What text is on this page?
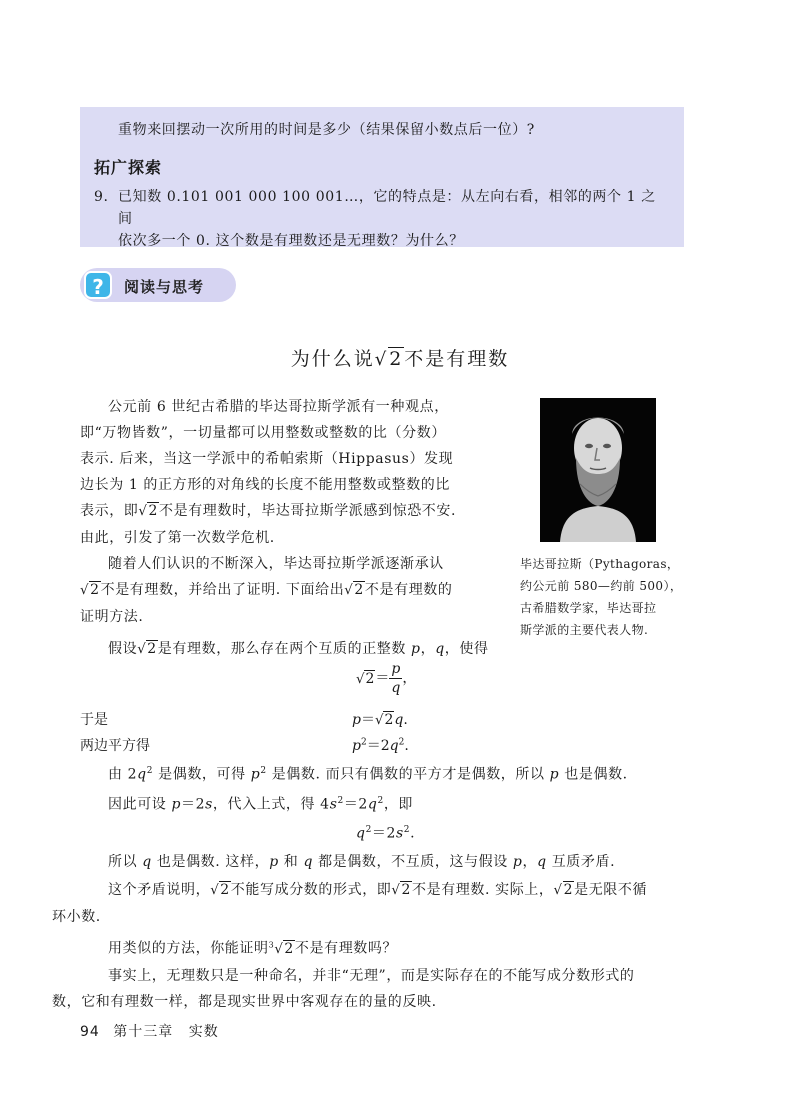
重物来回摆动一次所用的时间是多少（结果保留小数点后一位）?
拓广探索
9. 已知数 0.101 001 000 100 001…，它的特点是：从左向右看，相邻的两个 1 之间
依次多一个 0. 这个数是有理数还是无理数？为什么？
?	阅读与思考
为什么说√2不是有理数
公元前 6 世纪古希腊的毕达哥拉斯学派有一种观点，
即“万物皆数”，一切量都可以用整数或整数的比（分数）
表示. 后来，当这一学派中的希帕索斯（Hippasus）发现
边长为 1 的正方形的对角线的长度不能用整数或整数的比
表示，即√2不是有理数时，毕达哥拉斯学派感到惊恐不安.
由此，引发了第一次数学危机.
随着人们认识的不断深入，毕达哥拉斯学派逐渐承认
√2不是有理数，并给出了证明. 下面给出√2不是有理数的
证明方法.
假设√2是有理数，那么存在两个互质的正整数 p，q，使得
毕达哥拉斯（Pythagoras，
约公元前 580—约前 500），
古希腊数学家，毕达哥拉
斯学派的主要代表人物.
$√2= \frac{p}{q}$ ，
于是	p＝√2q.
两边平方得	$p^2=2q^2$.
由 $2q^2$ 是偶数，可得 $p^2$ 是偶数. 而只有偶数的平方才是偶数，所以 p 也是偶数.
因此可设 p＝2s，代入上式，得 $4s^2=2q^2$，即
$q^2=2s^2$.
所以 q 也是偶数. 这样，p 和 q 都是偶数，不互质，这与假设 p，q 互质矛盾.
这个矛盾说明，√2不能写成分数的形式，即√2不是有理数. 实际上，√2是无限不循
环小数.
用类似的方法，你能证明$^3$√2不是有理数吗？
事实上，无理数只是一种命名，并非“无理”，而是实际存在的不能写成分数形式的
数，它和有理数一样，都是现实世界中客观存在的量的反映.
94 第十三章 实数
